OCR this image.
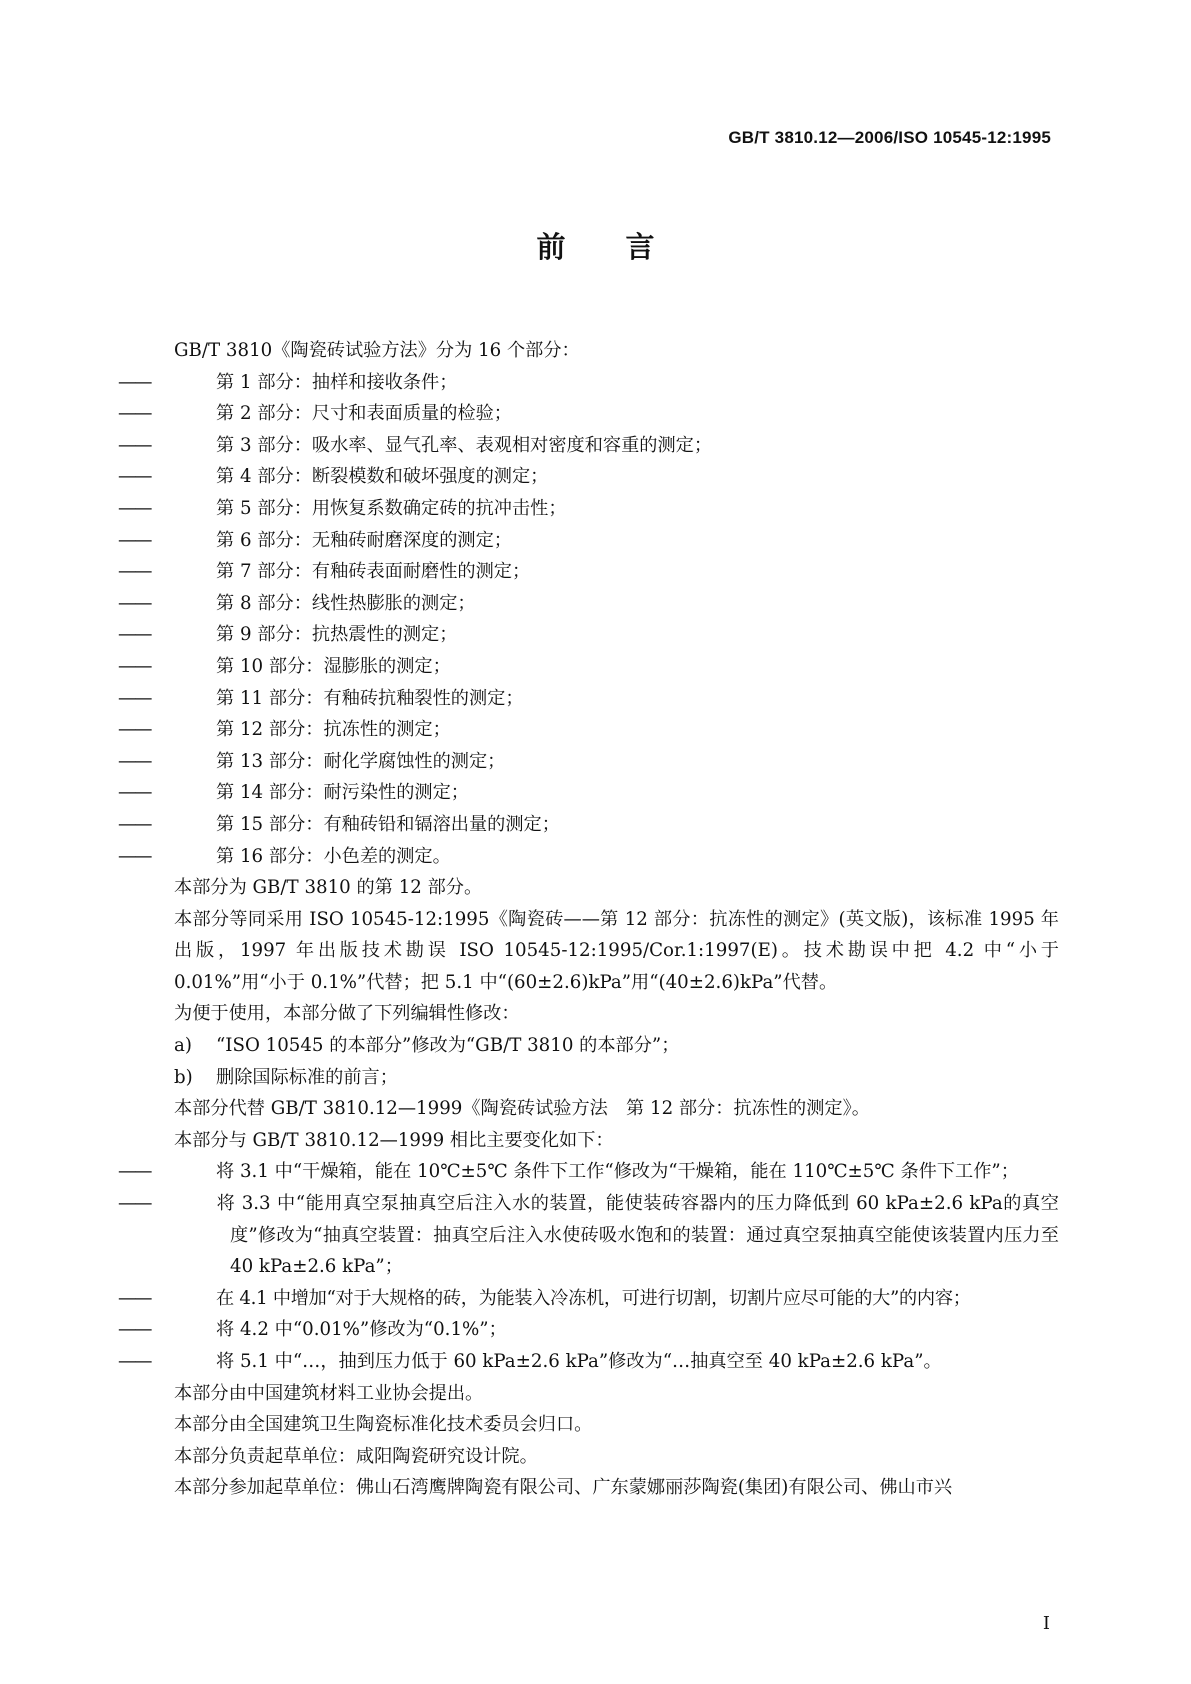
GB/T 3810.12—2006/ISO 10545-12:1995
前言
GB/T 3810《陶瓷砖试验方法》分为 16 个部分：
——	第 1 部分：抽样和接收条件；
——	第 2 部分：尺寸和表面质量的检验；
——	第 3 部分：吸水率、显气孔率、表观相对密度和容重的测定；
——	第 4 部分：断裂模数和破坏强度的测定；
——	第 5 部分：用恢复系数确定砖的抗冲击性；
——	第 6 部分：无釉砖耐磨深度的测定；
——	第 7 部分：有釉砖表面耐磨性的测定；
——	第 8 部分：线性热膨胀的测定；
——	第 9 部分：抗热震性的测定；
——	第 10 部分：湿膨胀的测定；
——	第 11 部分：有釉砖抗釉裂性的测定；
——	第 12 部分：抗冻性的测定；
——	第 13 部分：耐化学腐蚀性的测定；
——	第 14 部分：耐污染性的测定；
——	第 15 部分：有釉砖铅和镉溶出量的测定；
——	第 16 部分：小色差的测定。
本部分为 GB/T 3810 的第 12 部分。
本部分等同采用 ISO 10545-12:1995《陶瓷砖——第 12 部分：抗冻性的测定》(英文版)，该标准 1995 年出版，1997 年出版技术勘误 ISO 10545-12:1995/Cor.1:1997(E)。技术勘误中把 4.2 中“小于 0.01%”用“小于 0.1%”代替；把 5.1 中“(60±2.6)kPa”用“(40±2.6)kPa”代替。
为便于使用，本部分做了下列编辑性修改：
a) “ISO 10545 的本部分”修改为“GB/T 3810 的本部分”；
b) 删除国际标准的前言；
本部分代替 GB/T 3810.12—1999《陶瓷砖试验方法　第 12 部分：抗冻性的测定》。
本部分与 GB/T 3810.12—1999 相比主要变化如下：
——	将 3.1 中“干燥箱，能在 10℃±5℃ 条件下工作“修改为“干燥箱，能在 110℃±5℃ 条件下工作”；
——	将 3.3 中“能用真空泵抽真空后注入水的装置，能使装砖容器内的压力降低到 60 kPa±2.6 kPa的真空度”修改为“抽真空装置：抽真空后注入水使砖吸水饱和的装置：通过真空泵抽真空能使该装置内压力至 40 kPa±2.6 kPa”；
——	在 4.1 中增加“对于大规格的砖，为能装入冷冻机，可进行切割，切割片应尽可能的大”的内容；
——	将 4.2 中“0.01%”修改为“0.1%”；
——	将 5.1 中“…，抽到压力低于 60 kPa±2.6 kPa”修改为“…抽真空至 40 kPa±2.6 kPa”。
本部分由中国建筑材料工业协会提出。
本部分由全国建筑卫生陶瓷标准化技术委员会归口。
本部分负责起草单位：咸阳陶瓷研究设计院。
本部分参加起草单位：佛山石湾鹰牌陶瓷有限公司、广东蒙娜丽莎陶瓷(集团)有限公司、佛山市兴
I
